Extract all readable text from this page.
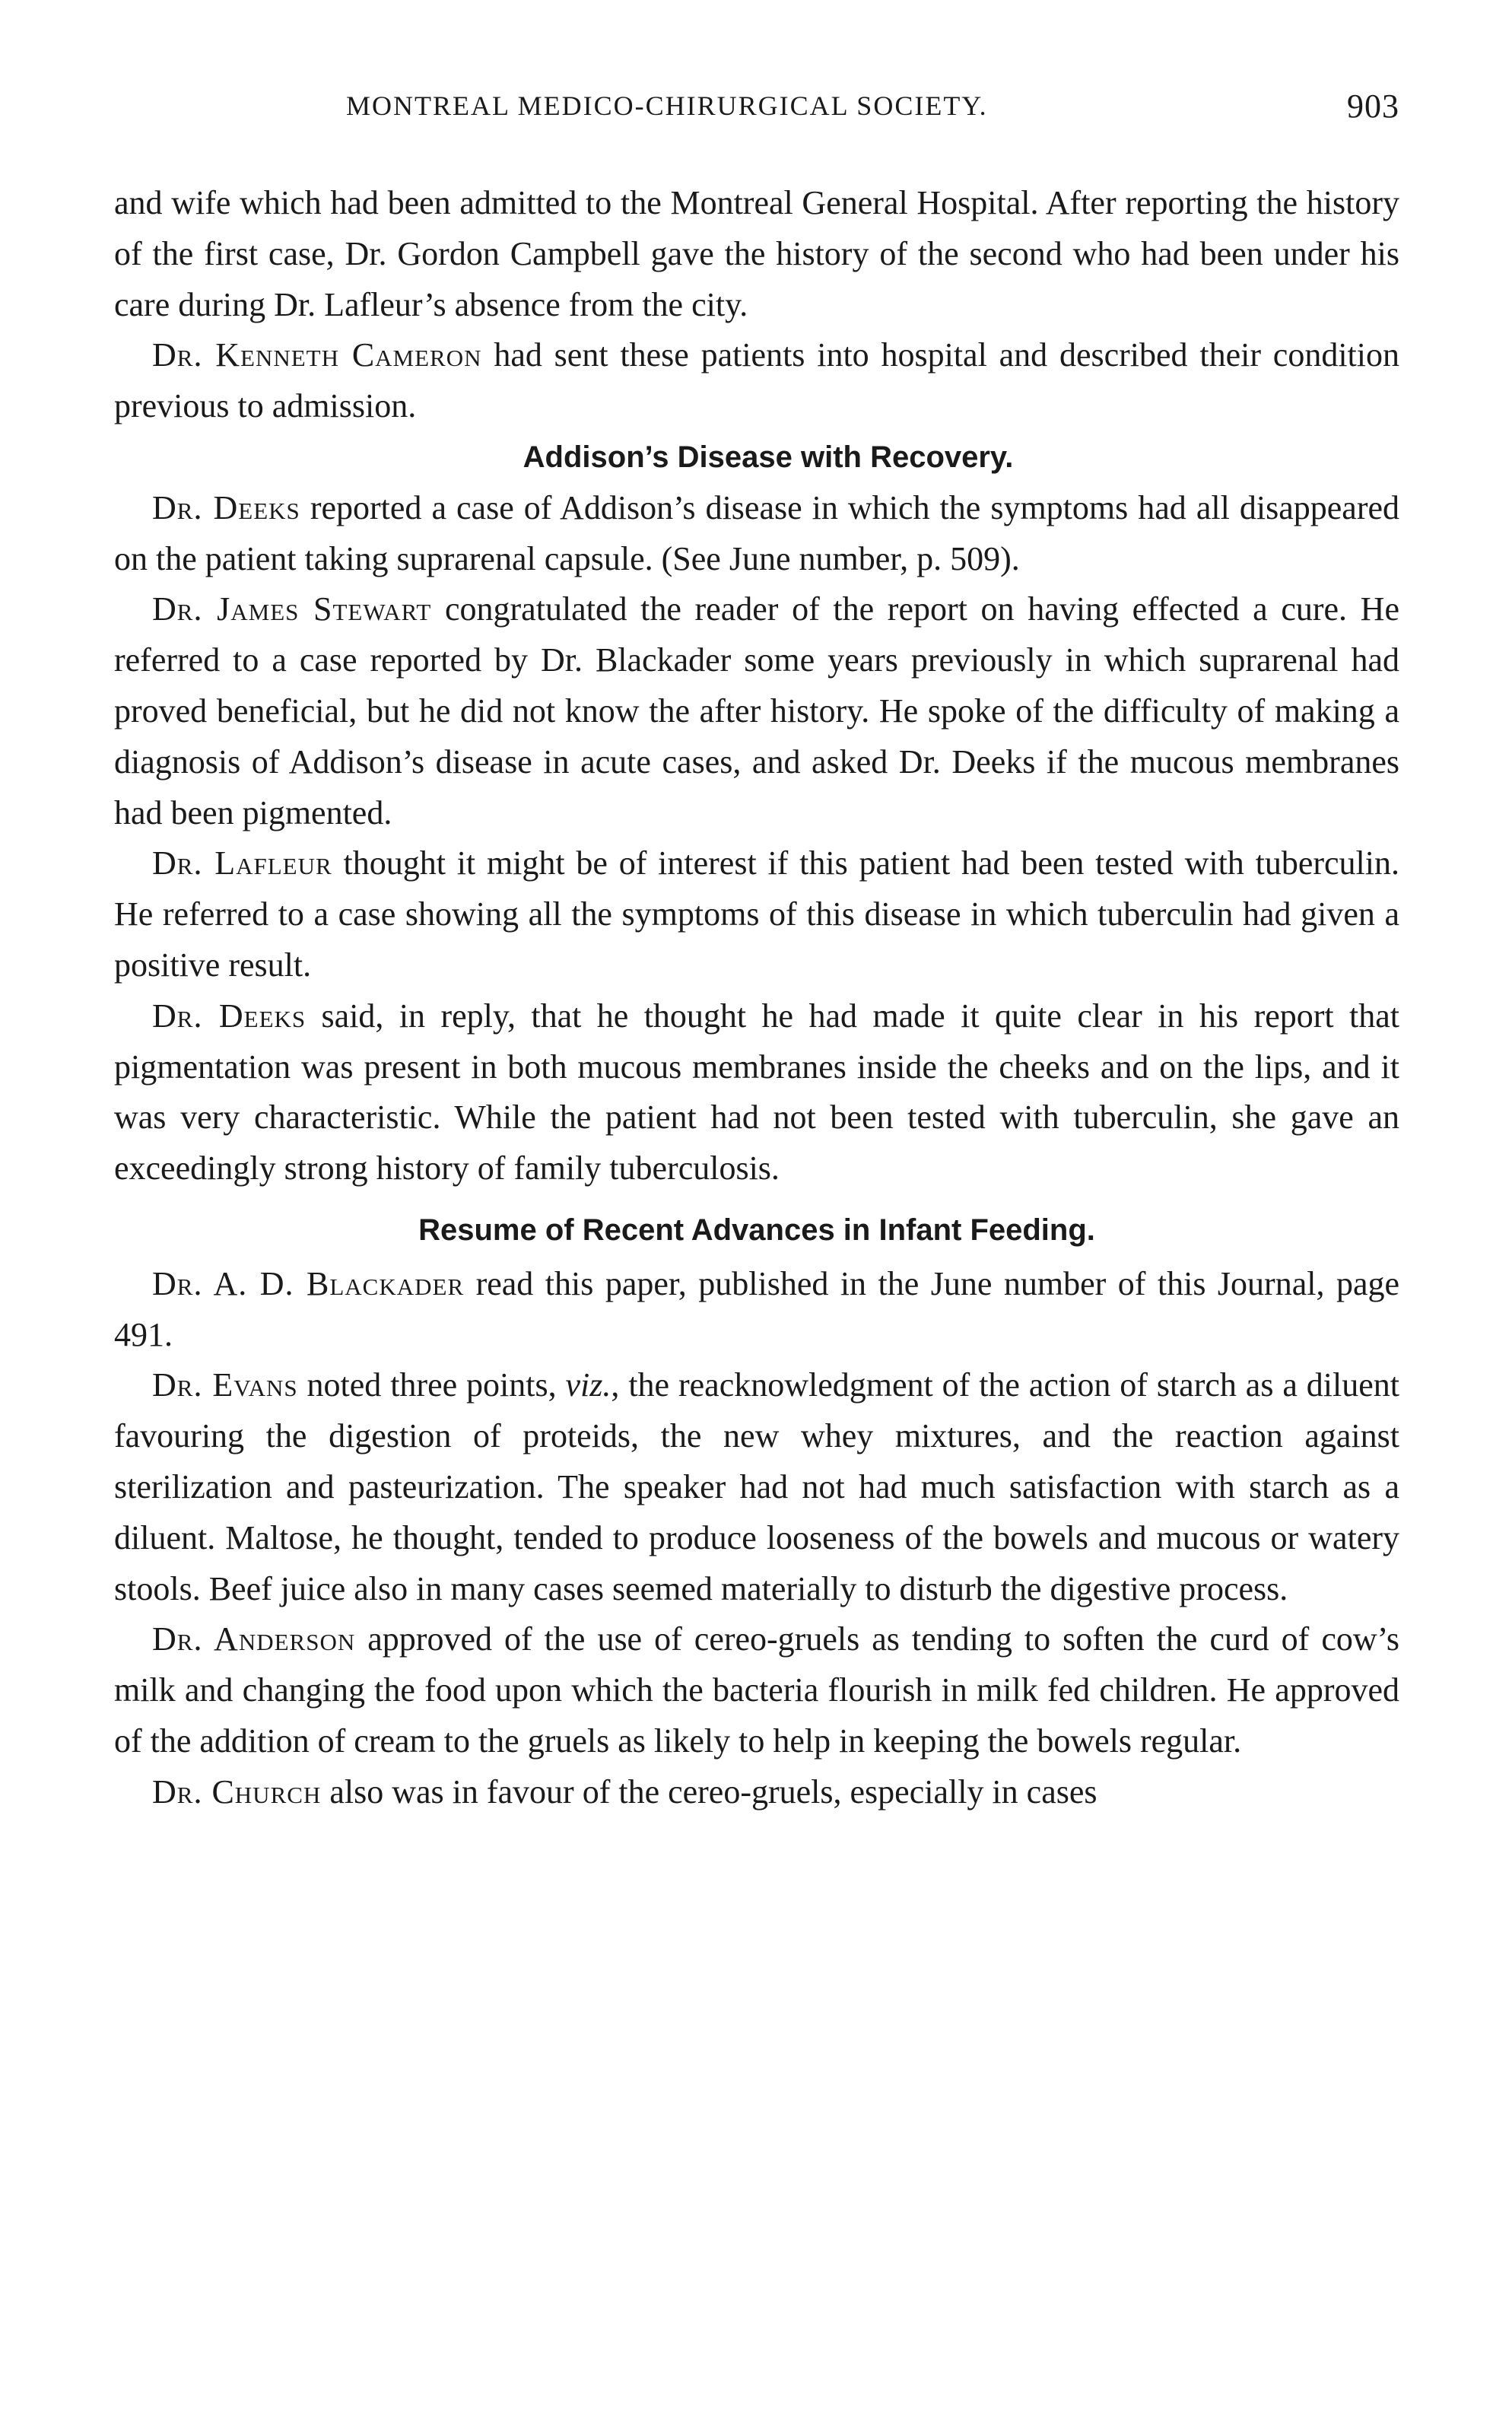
MONTREAL MEDICO-CHIRURGICAL SOCIETY.	903

and wife which had been admitted to the Montreal General Hospital. After reporting the history of the first case, Dr. Gordon Campbell gave the history of the second who had been under his care during Dr. Lafleur’s absence from the city.

Dr. Kenneth Cameron had sent these patients into hospital and described their condition previous to admission.

Addison’s Disease with Recovery.

Dr. Deeks reported a case of Addison’s disease in which the symptoms had all disappeared on the patient taking suprarenal capsule. (See June number, p. 509).

Dr. James Stewart congratulated the reader of the report on having effected a cure. He referred to a case reported by Dr. Blackader some years previously in which suprarenal had proved beneficial, but he did not know the after history. He spoke of the difficulty of making a diagnosis of Addison’s disease in acute cases, and asked Dr. Deeks if the mucous membranes had been pigmented.

Dr. Lafleur thought it might be of interest if this patient had been tested with tuberculin. He referred to a case showing all the symptoms of this disease in which tuberculin had given a positive result.

Dr. Deeks said, in reply, that he thought he had made it quite clear in his report that pigmentation was present in both mucous membranes inside the cheeks and on the lips, and it was very characteristic. While the patient had not been tested with tuberculin, she gave an exceedingly strong history of family tuberculosis.

Resume of Recent Advances in Infant Feeding.

Dr. A. D. Blackader read this paper, published in the June number of this Journal, page 491.

Dr. Evans noted three points, viz., the reacknowledgment of the action of starch as a diluent favouring the digestion of proteids, the new whey mixtures, and the reaction against sterilization and pasteurization. The speaker had not had much satisfaction with starch as a diluent. Maltose, he thought, tended to produce looseness of the bowels and mucous or watery stools. Beef juice also in many cases seemed materially to disturb the digestive process.

Dr. Anderson approved of the use of cereo-gruels as tending to soften the curd of cow’s milk and changing the food upon which the bacteria flourish in milk fed children. He approved of the addition of cream to the gruels as likely to help in keeping the bowels regular.

Dr. Church also was in favour of the cereo-gruels, especially in cases
